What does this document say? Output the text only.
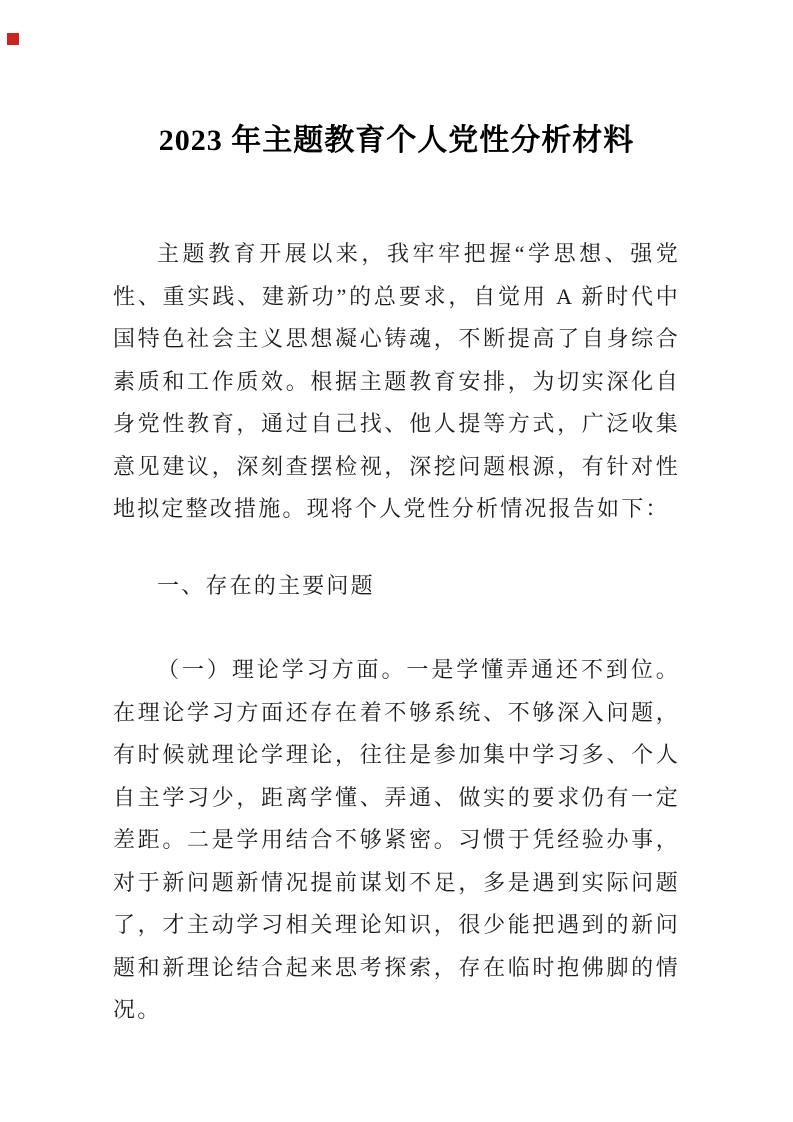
2023 年主题教育个人党性分析材料

主题教育开展以来，我牢牢把握“学思想、强党性、重实践、建新功”的总要求，自觉用 A 新时代中国特色社会主义思想凝心铸魂，不断提高了自身综合素质和工作质效。根据主题教育安排，为切实深化自身党性教育，通过自己找、他人提等方式，广泛收集意见建议，深刻查摆检视，深挖问题根源，有针对性地拟定整改措施。现将个人党性分析情况报告如下：

一、存在的主要问题

（一）理论学习方面。一是学懂弄通还不到位。在理论学习方面还存在着不够系统、不够深入问题，有时候就理论学理论，往往是参加集中学习多、个人自主学习少，距离学懂、弄通、做实的要求仍有一定差距。二是学用结合不够紧密。习惯于凭经验办事，对于新问题新情况提前谋划不足，多是遇到实际问题了，才主动学习相关理论知识，很少能把遇到的新问题和新理论结合起来思考探索，存在临时抱佛脚的情况。
